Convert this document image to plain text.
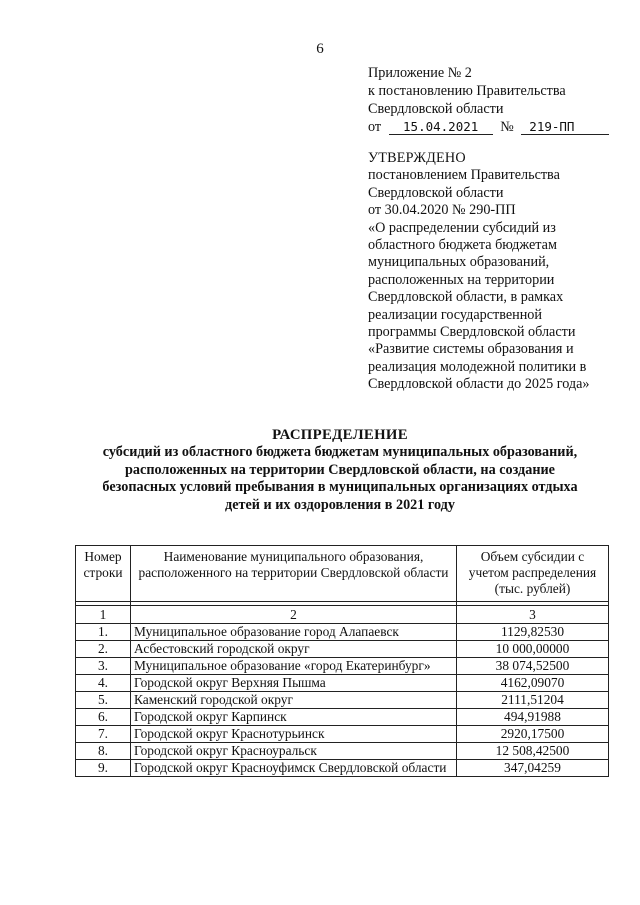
6
Приложение № 2
к постановлению Правительства
Свердловской области
от 15.04.2021 № 219-ПП
УТВЕРЖДЕНО
постановлением Правительства
Свердловской области
от 30.04.2020 № 290-ПП
«О распределении субсидий из
областного бюджета бюджетам
муниципальных образований,
расположенных на территории
Свердловской области, в рамках
реализации государственной
программы Свердловской области
«Развитие системы образования и
реализация молодежной политики в
Свердловской области до 2025 года»
РАСПРЕДЕЛЕНИЕ
субсидий из областного бюджета бюджетам муниципальных образований,
расположенных на территории Свердловской области, на создание
безопасных условий пребывания в муниципальных организациях отдыха
детей и их оздоровления в 2021 году
Номер строки	Наименование муниципального образования, расположенного на территории Свердловской области	Объем субсидии с учетом распределения (тыс. рублей)

1	2	3
1.	Муниципальное образование город Алапаевск	1129,82530
2.	Асбестовский городской округ	10 000,00000
3.	Муниципальное образование «город Екатеринбург»	38 074,52500
4.	Городской округ Верхняя Пышма	4162,09070
5.	Каменский городской округ	2111,51204
6.	Городской округ Карпинск	494,91988
7.	Городской округ Краснотурьинск	2920,17500
8.	Городской округ Красноуральск	12 508,42500
9.	Городской округ Красноуфимск Свердловской области	347,04259
